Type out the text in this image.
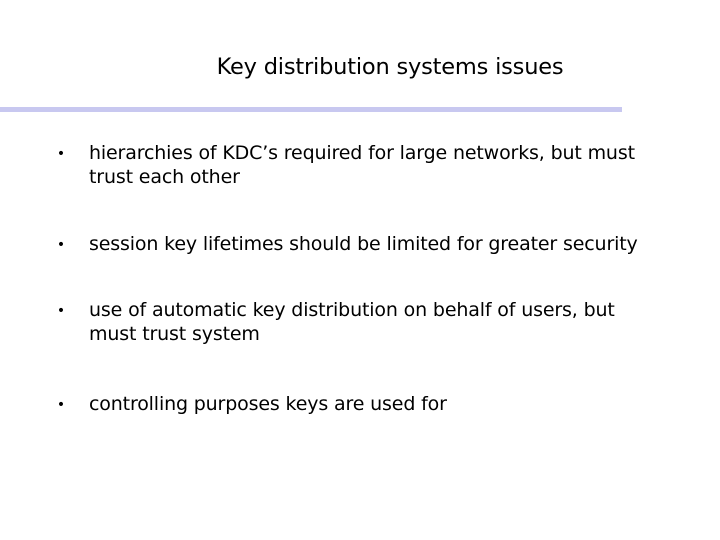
Key distribution systems issues
• hierarchies of KDC’s required for large networks, but must
trust each other
• session key lifetimes should be limited for greater security
• use of automatic key distribution on behalf of users, but
must trust system
• controlling purposes keys are used for
